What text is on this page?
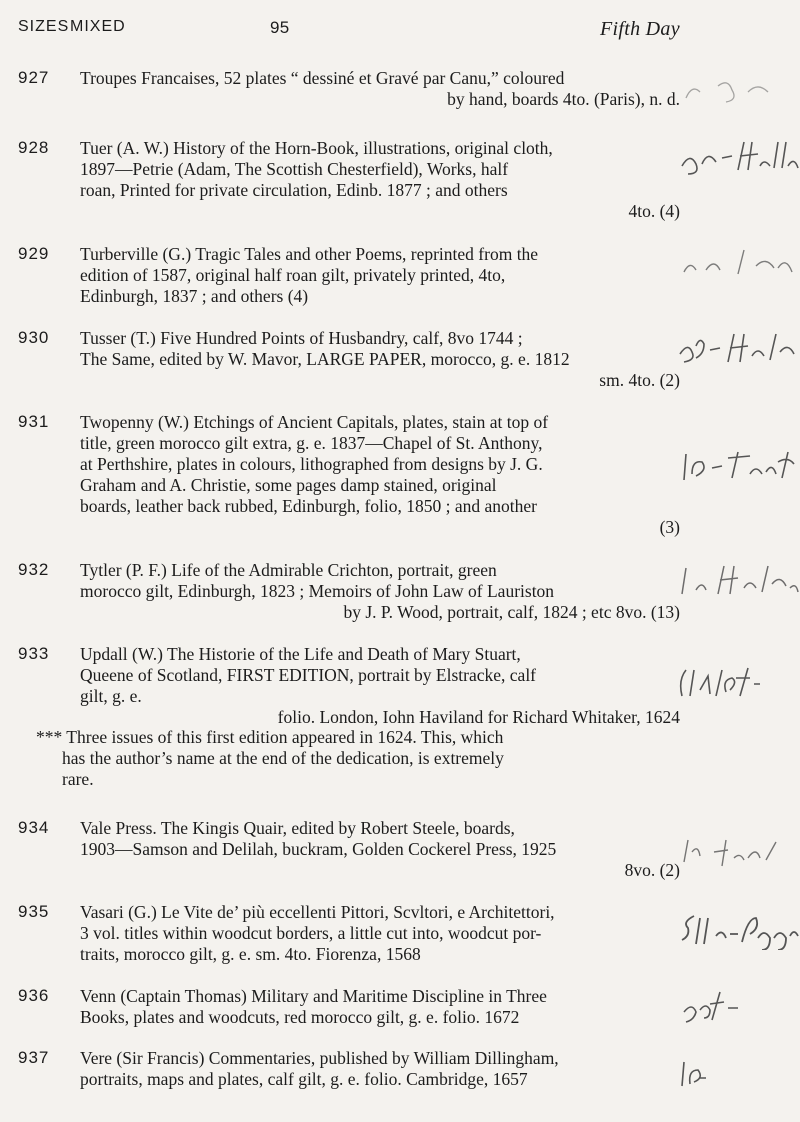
SIZES MIXED	95	Fifth Day
927	Troupes Francaises, 52 plates “ dessiné et Gravé par Canu,” coloured
by hand, boards 4to. (Paris), n. d.
928	Tuer (A. W.) History of the Horn-Book, illustrations, original cloth,
1897—Petrie (Adam, The Scottish Chesterfield), Works, half
roan, Printed for private circulation, Edinb. 1877 ; and others
4to. (4)
929	Turberville (G.) Tragic Tales and other Poems, reprinted from the
edition of 1587, original half roan gilt, privately printed, 4to,
Edinburgh, 1837 ; and others (4)
930	Tusser (T.) Five Hundred Points of Husbandry, calf, 8vo 1744 ;
The Same, edited by W. Mavor, LARGE PAPER, morocco, g. e. 1812
sm. 4to. (2)
931	Twopenny (W.) Etchings of Ancient Capitals, plates, stain at top of
title, green morocco gilt extra, g. e. 1837—Chapel of St. Anthony,
at Perthshire, plates in colours, lithographed from designs by J. G.
Graham and A. Christie, some pages damp stained, original
boards, leather back rubbed, Edinburgh, folio, 1850 ; and another
(3)
932	Tytler (P. F.) Life of the Admirable Crichton, portrait, green
morocco gilt, Edinburgh, 1823 ; Memoirs of John Law of Lauriston
by J. P. Wood, portrait, calf, 1824 ; etc 8vo. (13)
933	Updall (W.) The Historie of the Life and Death of Mary Stuart,
Queene of Scotland, FIRST EDITION, portrait by Elstracke, calf
gilt, g. e.
folio. London, Iohn Haviland for Richard Whitaker, 1624
*** Three issues of this first edition appeared in 1624. This, which
has the author’s name at the end of the dedication, is extremely
rare.
934	Vale Press. The Kingis Quair, edited by Robert Steele, boards,
1903—Samson and Delilah, buckram, Golden Cockerel Press, 1925
8vo. (2)
935	Vasari (G.) Le Vite de’ più eccellenti Pittori, Scvltori, e Architettori,
3 vol. titles within woodcut borders, a little cut into, woodcut por-
traits, morocco gilt, g. e. sm. 4to. Fiorenza, 1568
936	Venn (Captain Thomas) Military and Maritime Discipline in Three
Books, plates and woodcuts, red morocco gilt, g. e. folio. 1672
937	Vere (Sir Francis) Commentaries, published by William Dillingham,
portraits, maps and plates, calf gilt, g. e. folio. Cambridge, 1657
